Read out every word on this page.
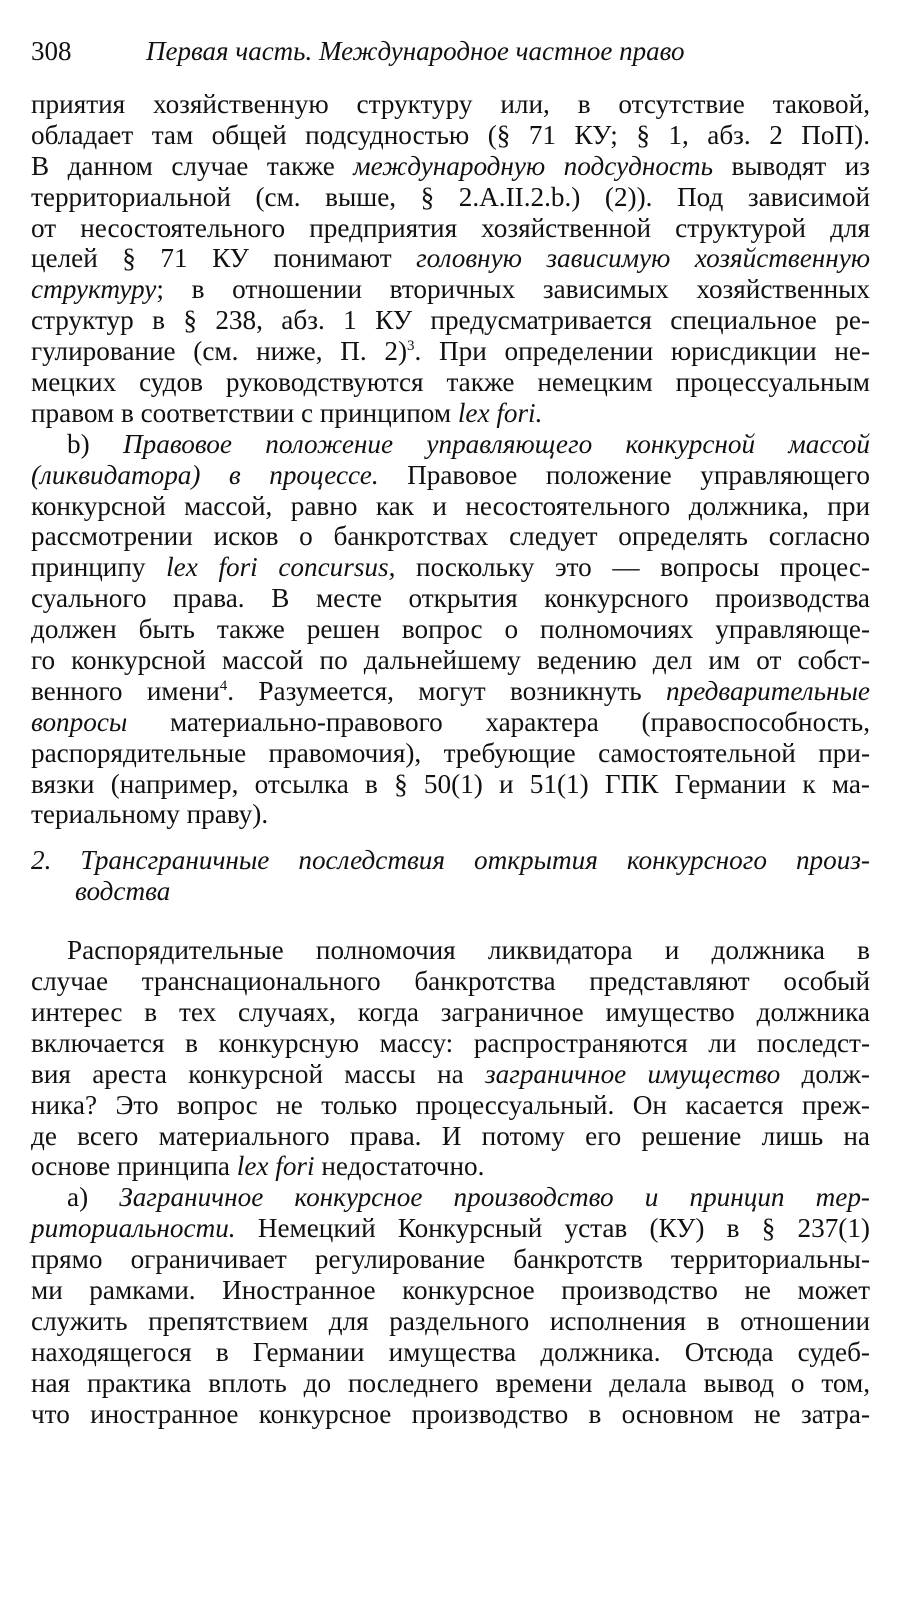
308	Первая часть. Международное частное право
приятия хозяйственную структуру или, в отсутствие таковой,
обладает там общей подсудностью (§ 71 КУ; § 1, абз. 2 ПоП).
В данном случае также международную подсудность выводят из
территориальной (см. выше, § 2.A.II.2.b.) (2)). Под зависимой
от несостоятельного предприятия хозяйственной структурой для
целей § 71 КУ понимают головную зависимую хозяйственную
структуру; в отношении вторичных зависимых хозяйственных
структур в § 238, абз. 1 КУ предусматривается специальное ре-
гулирование (см. ниже, П. 2)$^3$. При определении юрисдикции не-
мецких судов руководствуются также немецким процессуальным
правом в соответствии с принципом lex fori.
b) Правовое положение управляющего конкурсной массой
(ликвидатора) в процессе. Правовое положение управляющего
конкурсной массой, равно как и несостоятельного должника, при
рассмотрении исков о банкротствах следует определять согласно
принципу lex fori concursus, поскольку это — вопросы процес-
суального права. В месте открытия конкурсного производства
должен быть также решен вопрос о полномочиях управляюще-
го конкурсной массой по дальнейшему ведению дел им от собст-
венного имени$^4$. Разумеется, могут возникнуть предварительные
вопросы материально-правового характера (правоспособность,
распорядительные правомочия), требующие самостоятельной при-
вязки (например, отсылка в § 50(1) и 51(1) ГПК Германии к ма-
териальному праву).
2. Трансграничные последствия открытия конкурсного произ-
водства
Распорядительные полномочия ликвидатора и должника в
случае транснационального банкротства представляют особый
интерес в тех случаях, когда заграничное имущество должника
включается в конкурсную массу: распространяются ли последст-
вия ареста конкурсной массы на заграничное имущество долж-
ника? Это вопрос не только процессуальный. Он касается преж-
де всего материального права. И потому его решение лишь на
основе принципа lex fori недостаточно.
a) Заграничное конкурсное производство и принцип тер-
риториальности. Немецкий Конкурсный устав (КУ) в § 237(1)
прямо ограничивает регулирование банкротств территориальны-
ми рамками. Иностранное конкурсное производство не может
служить препятствием для раздельного исполнения в отношении
находящегося в Германии имущества должника. Отсюда судеб-
ная практика вплоть до последнего времени делала вывод о том,
что иностранное конкурсное производство в основном не затра-
